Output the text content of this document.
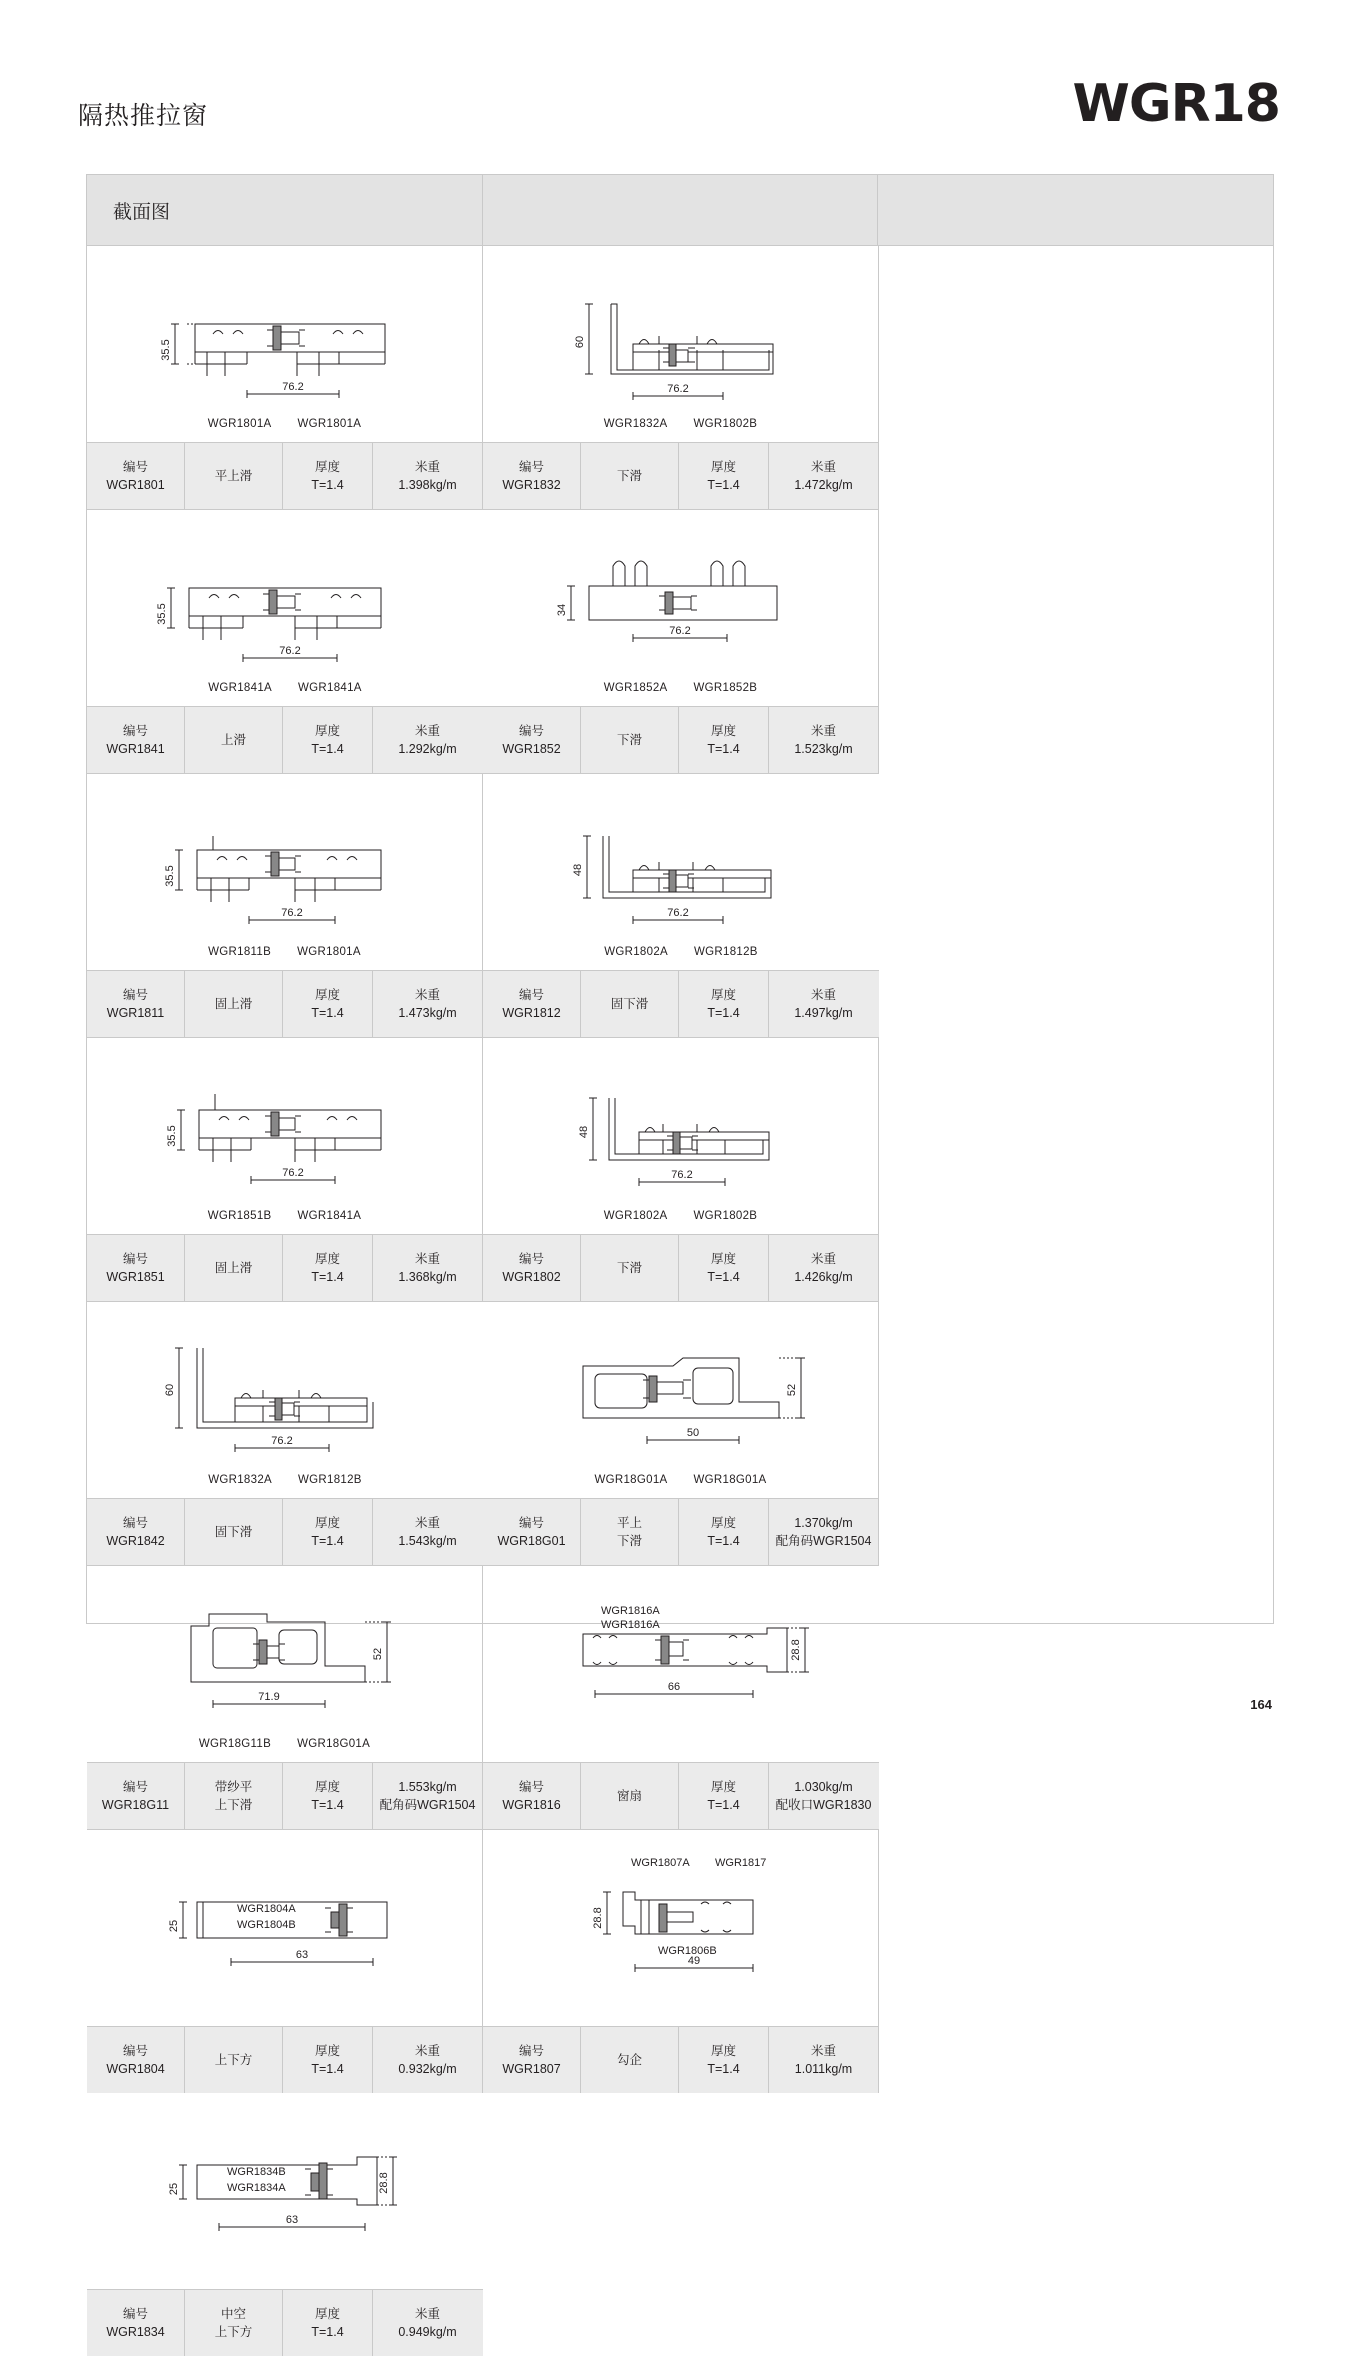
隔热推拉窗	WGR18
截面图
35.5
76.2
WGR1801A WGR1801A
编号
WGR1801
平上滑
厚度
T=1.4
米重
1.398kg/m
60
76.2
WGR1832A WGR1802B
编号
WGR1832
下滑
厚度
T=1.4
米重
1.472kg/m
35.5
76.2
WGR1841A WGR1841A
编号
WGR1841
上滑
厚度
T=1.4
米重
1.292kg/m
34
76.2
WGR1852A WGR1852B
编号
WGR1852
下滑
厚度
T=1.4
米重
1.523kg/m
35.5
76.2
WGR1811B WGR1801A
编号
WGR1811
固上滑
厚度
T=1.4
米重
1.473kg/m
48
76.2
WGR1802A WGR1812B
编号
WGR1812
固下滑
厚度
T=1.4
米重
1.497kg/m
35.5
76.2
WGR1851B WGR1841A
编号
WGR1851
固上滑
厚度
T=1.4
米重
1.368kg/m
48
76.2
WGR1802A WGR1802B
编号
WGR1802
下滑
厚度
T=1.4
米重
1.426kg/m
60
76.2
WGR1832A WGR1812B
编号
WGR1842
固下滑
厚度
T=1.4
米重
1.543kg/m
52
50
WGR18G01A WGR18G01A
编号
WGR18G01
平上
下滑
厚度
T=1.4
1.370kg/m
配角码WGR1504
52
71.9
WGR18G11B WGR18G01A
编号
WGR18G11
带纱平
上下滑
厚度
T=1.4
1.553kg/m
配角码WGR1504
28.8
66
WGR1816A
WGR1816A
编号
WGR1816
窗扇
厚度
T=1.4
1.030kg/m
配收口WGR1830
25
63
WGR1804A
WGR1804B
编号
WGR1804
上下方
厚度
T=1.4
米重
0.932kg/m
28.8
49
WGR1807A WGR1817
WGR1806B
编号
WGR1807
勾企
厚度
T=1.4
米重
1.011kg/m
25	28.8
63
WGR1834B
WGR1834A
编号
WGR1834
中空
上下方
厚度
T=1.4
米重
0.949kg/m
164
